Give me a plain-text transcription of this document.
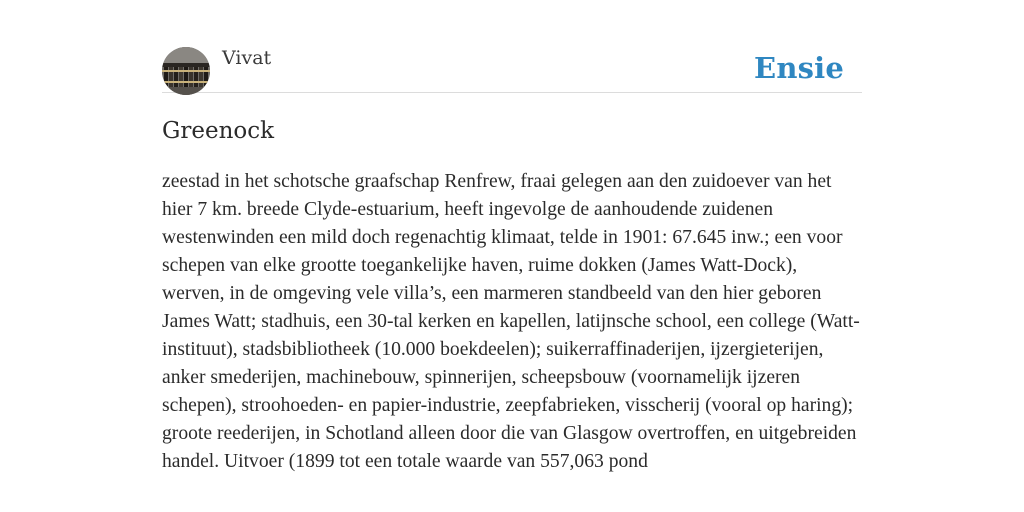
Vivat	Ensie
Greenock

zeestad in het schotsche graafschap Renfrew, fraai gelegen aan den zuidoever van het hier 7 km. breede Clyde-estuarium, heeft ingevolge de aanhoudende zuidenen westenwinden een mild doch regenachtig klimaat, telde in 1901: 67.645 inw.; een voor schepen van elke grootte toegankelijke haven, ruime dokken (James Watt-Dock), werven, in de omgeving vele villa’s, een marmeren standbeeld van den hier geboren James Watt; stadhuis, een 30-tal kerken en kapellen, latijnsche school, een college (Watt-instituut), stadsbibliotheek (10.000 boekdeelen); suikerraffinaderijen, ijzergieterijen, anker smederijen, machinebouw, spinnerijen, scheepsbouw (voornamelijk ijzeren schepen), stroohoeden- en papier-industrie, zeepfabrieken, visscherij (vooral op haring); groote reederijen, in Schotland alleen door die van Glasgow overtroffen, en uitgebreiden handel. Uitvoer (1899 tot een totale waarde van 557,063 pond
